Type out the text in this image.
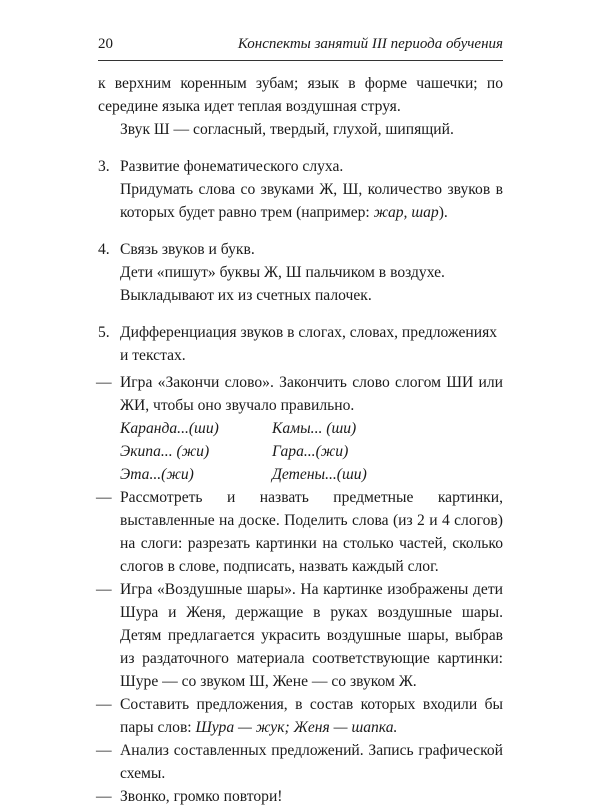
20	Конспекты занятий III периода обучения

к верхним коренным зубам; язык в форме чашечки; по середине языка идет теплая воздушная струя.

Звук Ш — согласный, твердый, глухой, шипящий.

3. Развитие фонематического слуха.

Придумать слова со звуками Ж, Ш, количество звуков в которых будет равно трем (например: жар, шар).

4. Связь звуков и букв.

Дети «пишут» буквы Ж, Ш пальчиком в воздухе.

Выкладывают их из счетных палочек.

5. Дифференциация звуков в слогах, словах, предложениях и текстах.

— Игра «Закончи слово». Закончить слово слогом ШИ или ЖИ, чтобы оно звучало правильно.

Каранда...(ши)	Камы... (ши)
Экипа... (жи)	Гара...(жи)
Эта...(жи)	Детены...(ши)

— Рассмотреть и назвать предметные картинки, выставленные на доске. Поделить слова (из 2 и 4 слогов) на слоги: разрезать картинки на столько частей, сколько слогов в слове, подписать, назвать каждый слог.

— Игра «Воздушные шары». На картинке изображены дети Шура и Женя, держащие в руках воздушные шары. Детям предлагается украсить воздушные шары, выбрав из раздаточного материала соответствующие картинки: Шуре — со звуком Ш, Жене — со звуком Ж.

— Составить предложения, в состав которых входили бы пары слов: Шура — жук; Женя — шапка.

— Анализ составленных предложений. Запись графической схемы.

— Звонко, громко повтори!
